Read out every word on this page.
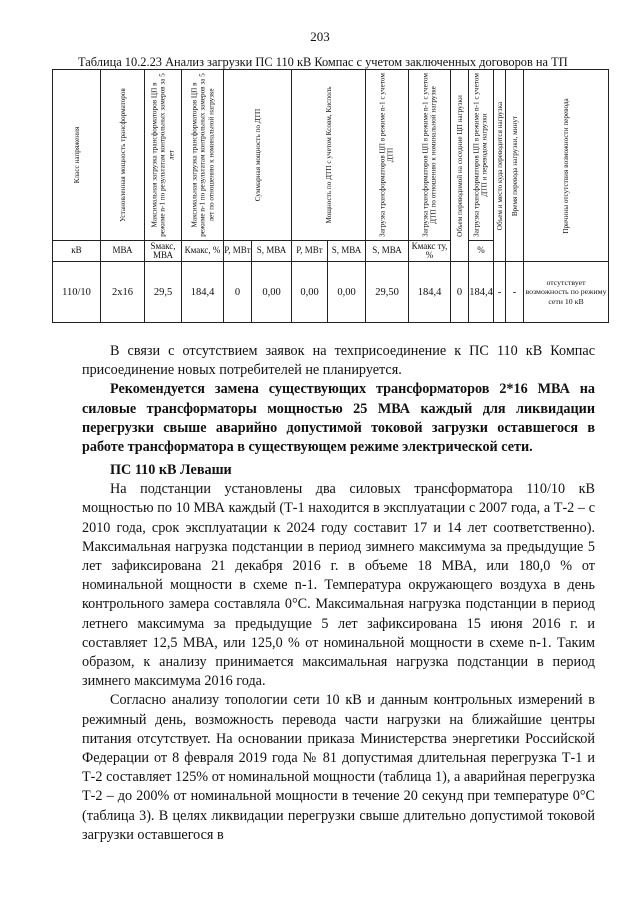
203
Таблица 10.2.23 Анализ загрузки ПС 110 кВ Компас с учетом заключенных договоров на ТП
Класс напряжения	Установленная мощность трансформаторов	Максимальная загрузка трансформаторов ЦП в режиме n-1 по результатам контрольных замеров за 5 лет	Максимальная загрузка трансформаторов ЦП в режиме n-1 по результатам контрольных замеров за 5 лет по отношению к номинальной нагрузке	Суммарная мощность по ДТП		Мощность по ДТП с учетом Ксовм, Кисполь		Загрузка трансформаторов ЦП в режиме n-1 с учетом ДТП	Загрузка трансформаторов ЦП в режиме n-1 с учетом ДТП по отношению к номинальной нагрузке	Объем переводимой на соседние ЦП нагрузки	Загрузка трансформаторов ЦП в режиме n-1 с учетом ДТП и переводом нагрузки	Объем и место куда переводится нагрузка	Время перевода нагрузки, минут	Причины отсутствия возможности перевода

кВ	МВА	Sмакс, МВА	Кмакс, %	P, МВт	S, МВА	P, МВт	S, МВА	S, МВА	Кмакс ту, %		%			
110/10	2х16	29,5	184,4	0	0,00	0,00	0,00	29,50	184,4	0	184,4	-	-	отсутствует возможность по режиму сети 10 кВ

В связи с отсутствием заявок на техприсоединение к ПС 110 кВ Компас присоединение новых потребителей не планируется.

Рекомендуется замена существующих трансформаторов 2*16 МВА на силовые трансформаторы мощностью 25 МВА каждый для ликвидации перегрузки свыше аварийно допустимой токовой загрузки оставшегося в работе трансформатора в существующем режиме электрической сети.

ПС 110 кВ Леваши

На подстанции установлены два силовых трансформатора 110/10 кВ мощностью по 10 МВА каждый (Т-1 находится в эксплуатации с 2007 года, а Т-2 – с 2010 года, срок эксплуатации к 2024 году составит 17 и 14 лет соответственно). Максимальная нагрузка подстанции в период зимнего максимума за предыдущие 5 лет зафиксирована 21 декабря 2016 г. в объеме 18 МВА, или 180,0 % от номинальной мощности в схеме n-1. Температура окружающего воздуха в день контрольного замера составляла 0°С. Максимальная нагрузка подстанции в период летнего максимума за предыдущие 5 лет зафиксирована 15 июня 2016 г. и составляет 12,5 МВА, или 125,0 % от номинальной мощности в схеме n-1. Таким образом, к анализу принимается максимальная нагрузка подстанции в период зимнего максимума 2016 года.

Согласно анализу топологии сети 10 кВ и данным контрольных измерений в режимный день, возможность перевода части нагрузки на ближайшие центры питания отсутствует. На основании приказа Министерства энергетики Российской Федерации от 8 февраля 2019 года № 81 допустимая длительная перегрузка Т-1 и Т-2 составляет 125% от номинальной мощности (таблица 1), а аварийная перегрузка Т-2 – до 200% от номинальной мощности в течение 20 секунд при температуре 0°С (таблица 3). В целях ликвидации перегрузки свыше длительно допустимой токовой загрузки оставшегося в
